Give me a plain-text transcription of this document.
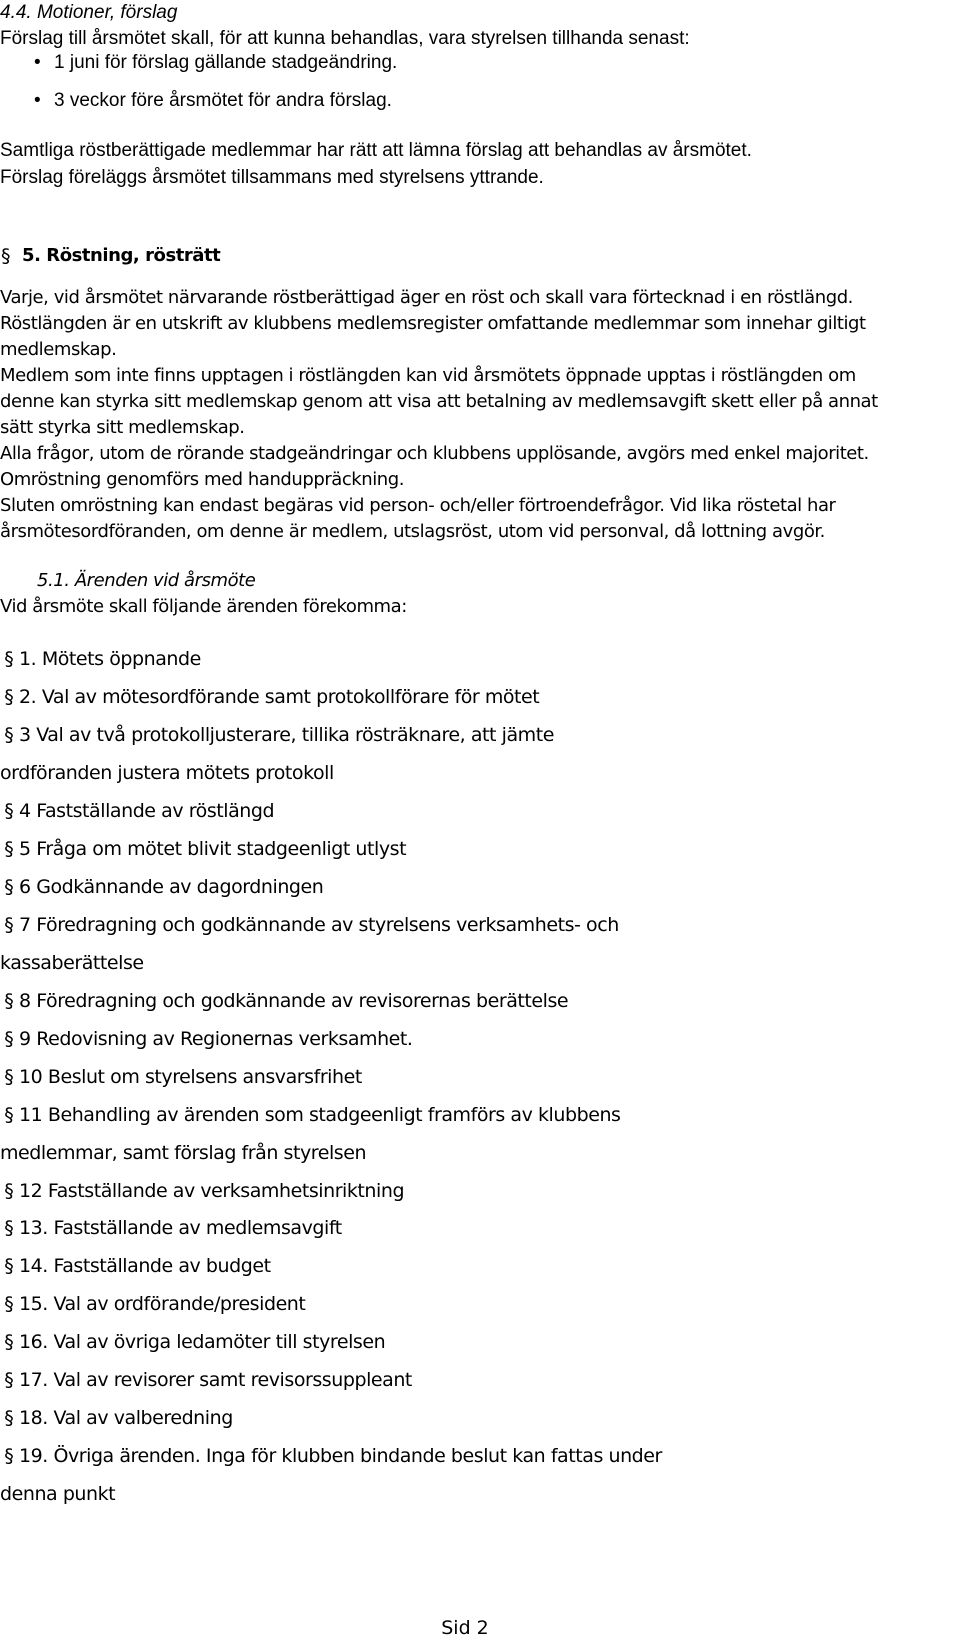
4.4. Motioner, förslag
Förslag till årsmötet skall, för att kunna behandlas, vara styrelsen tillhanda senast:
• 1 juni för förslag gällande stadgeändring.
• 3 veckor före årsmötet för andra förslag.
Samtliga röstberättigade medlemmar har rätt att lämna förslag att behandlas av årsmötet.
Förslag föreläggs årsmötet tillsammans med styrelsens yttrande.
§ 5. Röstning, rösträtt
Varje, vid årsmötet närvarande röstberättigad äger en röst och skall vara förtecknad i en röstlängd.
Röstlängden är en utskrift av klubbens medlemsregister omfattande medlemmar som innehar giltigt
medlemskap.
Medlem som inte finns upptagen i röstlängden kan vid årsmötets öppnade upptas i röstlängden om
denne kan styrka sitt medlemskap genom att visa att betalning av medlemsavgift skett eller på annat
sätt styrka sitt medlemskap.
Alla frågor, utom de rörande stadgeändringar och klubbens upplösande, avgörs med enkel majoritet.
Omröstning genomförs med handuppräckning.
Sluten omröstning kan endast begäras vid person- och/eller förtroendefrågor. Vid lika röstetal har
årsmötesordföranden, om denne är medlem, utslagsröst, utom vid personval, då lottning avgör.
5.1. Ärenden vid årsmöte
Vid årsmöte skall följande ärenden förekomma:
§ 1. Mötets öppnande
§ 2. Val av mötesordförande samt protokollförare för mötet
§ 3 Val av två protokolljusterare, tillika rösträknare, att jämte
ordföranden justera mötets protokoll
§ 4 Fastställande av röstlängd
§ 5 Fråga om mötet blivit stadgeenligt utlyst
§ 6 Godkännande av dagordningen
§ 7 Föredragning och godkännande av styrelsens verksamhets- och
kassaberättelse
§ 8 Föredragning och godkännande av revisorernas berättelse
§ 9 Redovisning av Regionernas verksamhet.
§ 10 Beslut om styrelsens ansvarsfrihet
§ 11 Behandling av ärenden som stadgeenligt framförs av klubbens
medlemmar, samt förslag från styrelsen
§ 12 Fastställande av verksamhetsinriktning
§ 13. Fastställande av medlemsavgift
§ 14. Fastställande av budget
§ 15. Val av ordförande/president
§ 16. Val av övriga ledamöter till styrelsen
§ 17. Val av revisorer samt revisorssuppleant
§ 18. Val av valberedning
§ 19. Övriga ärenden. Inga för klubben bindande beslut kan fattas under
denna punkt
Sid 2
